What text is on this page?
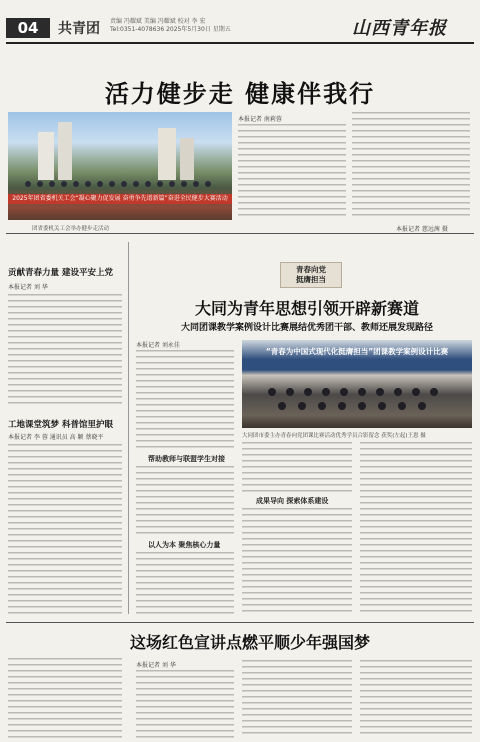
04	共青团 责编 冯耀斌 美编 冯耀斌 校对 李 宏
Tel:0351-4078636 2025年5月30日 星期五	山西青年报
活力健步走 健康伴我行
2025年团省委机关工会“凝心聚力促发展 奋勇争先谱新篇”奋进全民健步大赛活动
团省委机关工会举办健步走活动
本报记者 南莉蓉
本报记者 慈远茜 摄
贡献青春力量 建设平安上党
本报记者 刘 华
工地课堂筑梦 科普馆里护眼
本报记者 李 蓉 通讯员 高 颖 蔡晓平
青春向党
挺膺担当
大同为青年思想引领开辟新赛道
大同团课教学案例设计比赛展结优秀团干部、教师还展发现路径
本报记者 刘永佳
帮助教师与联盟学生对接
以人为本 聚焦核心力量
“青春为中国式现代化挺膺担当”团课教学案例设计比赛
大同团市委主办青春向党团课比赛活动优秀学员合影留念 获奖(左起)王恩 摄
成果导向 探索体系建设
这场红色宣讲点燃平顺少年强国梦
本报记者 刘 华
